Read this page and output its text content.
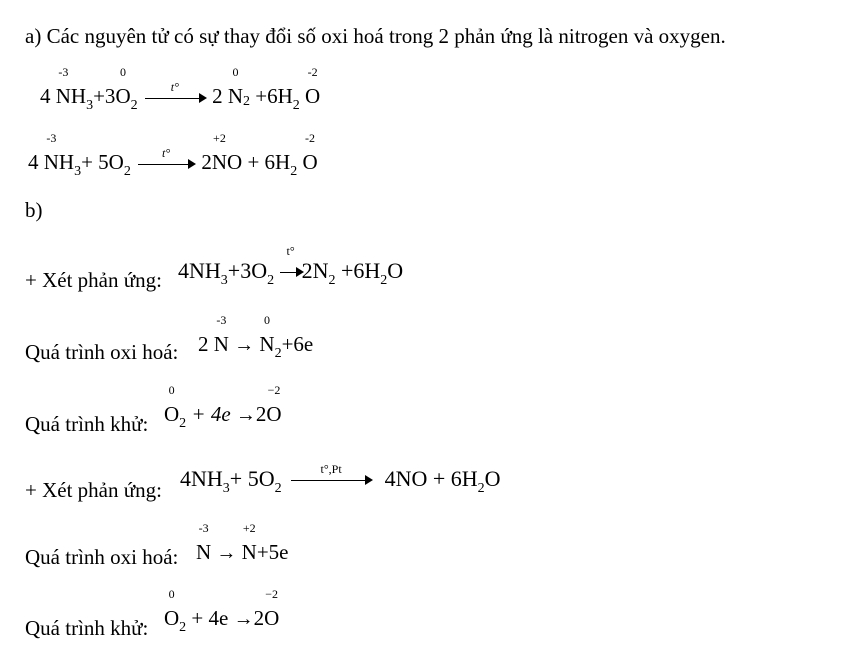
a) Các nguyên tử có sự thay đổi số oxi hoá trong 2 phản ứng là nitrogen và oxygen.
4
-3
$NH_3+3$
0
$O_2$
t° 2
0
$N2 +6H_2$
-2
O
4
-3
$NH_3+ 5O_2$
t° 2
+2
NO + $6H_2$
-2
O
b)
+ Xét phản ứng: $4NH_3+3O_2$
t°
$2N_2 +6H_2O$
Quá trình oxi hoá: 2
-3
N →
0
$N_2+6e$
Quá trình khử:
0
$O_2 + 4e \to 2$
−2
O
+ Xét phản ứng: $4NH_3+ 5O_2$
t°,Pt $4NO + 6H_2O$
Quá trình oxi hoá:
-3
N →
+2
N+5e
Quá trình khử:
0
$O_2 + 4e \to 2$
−2
O
